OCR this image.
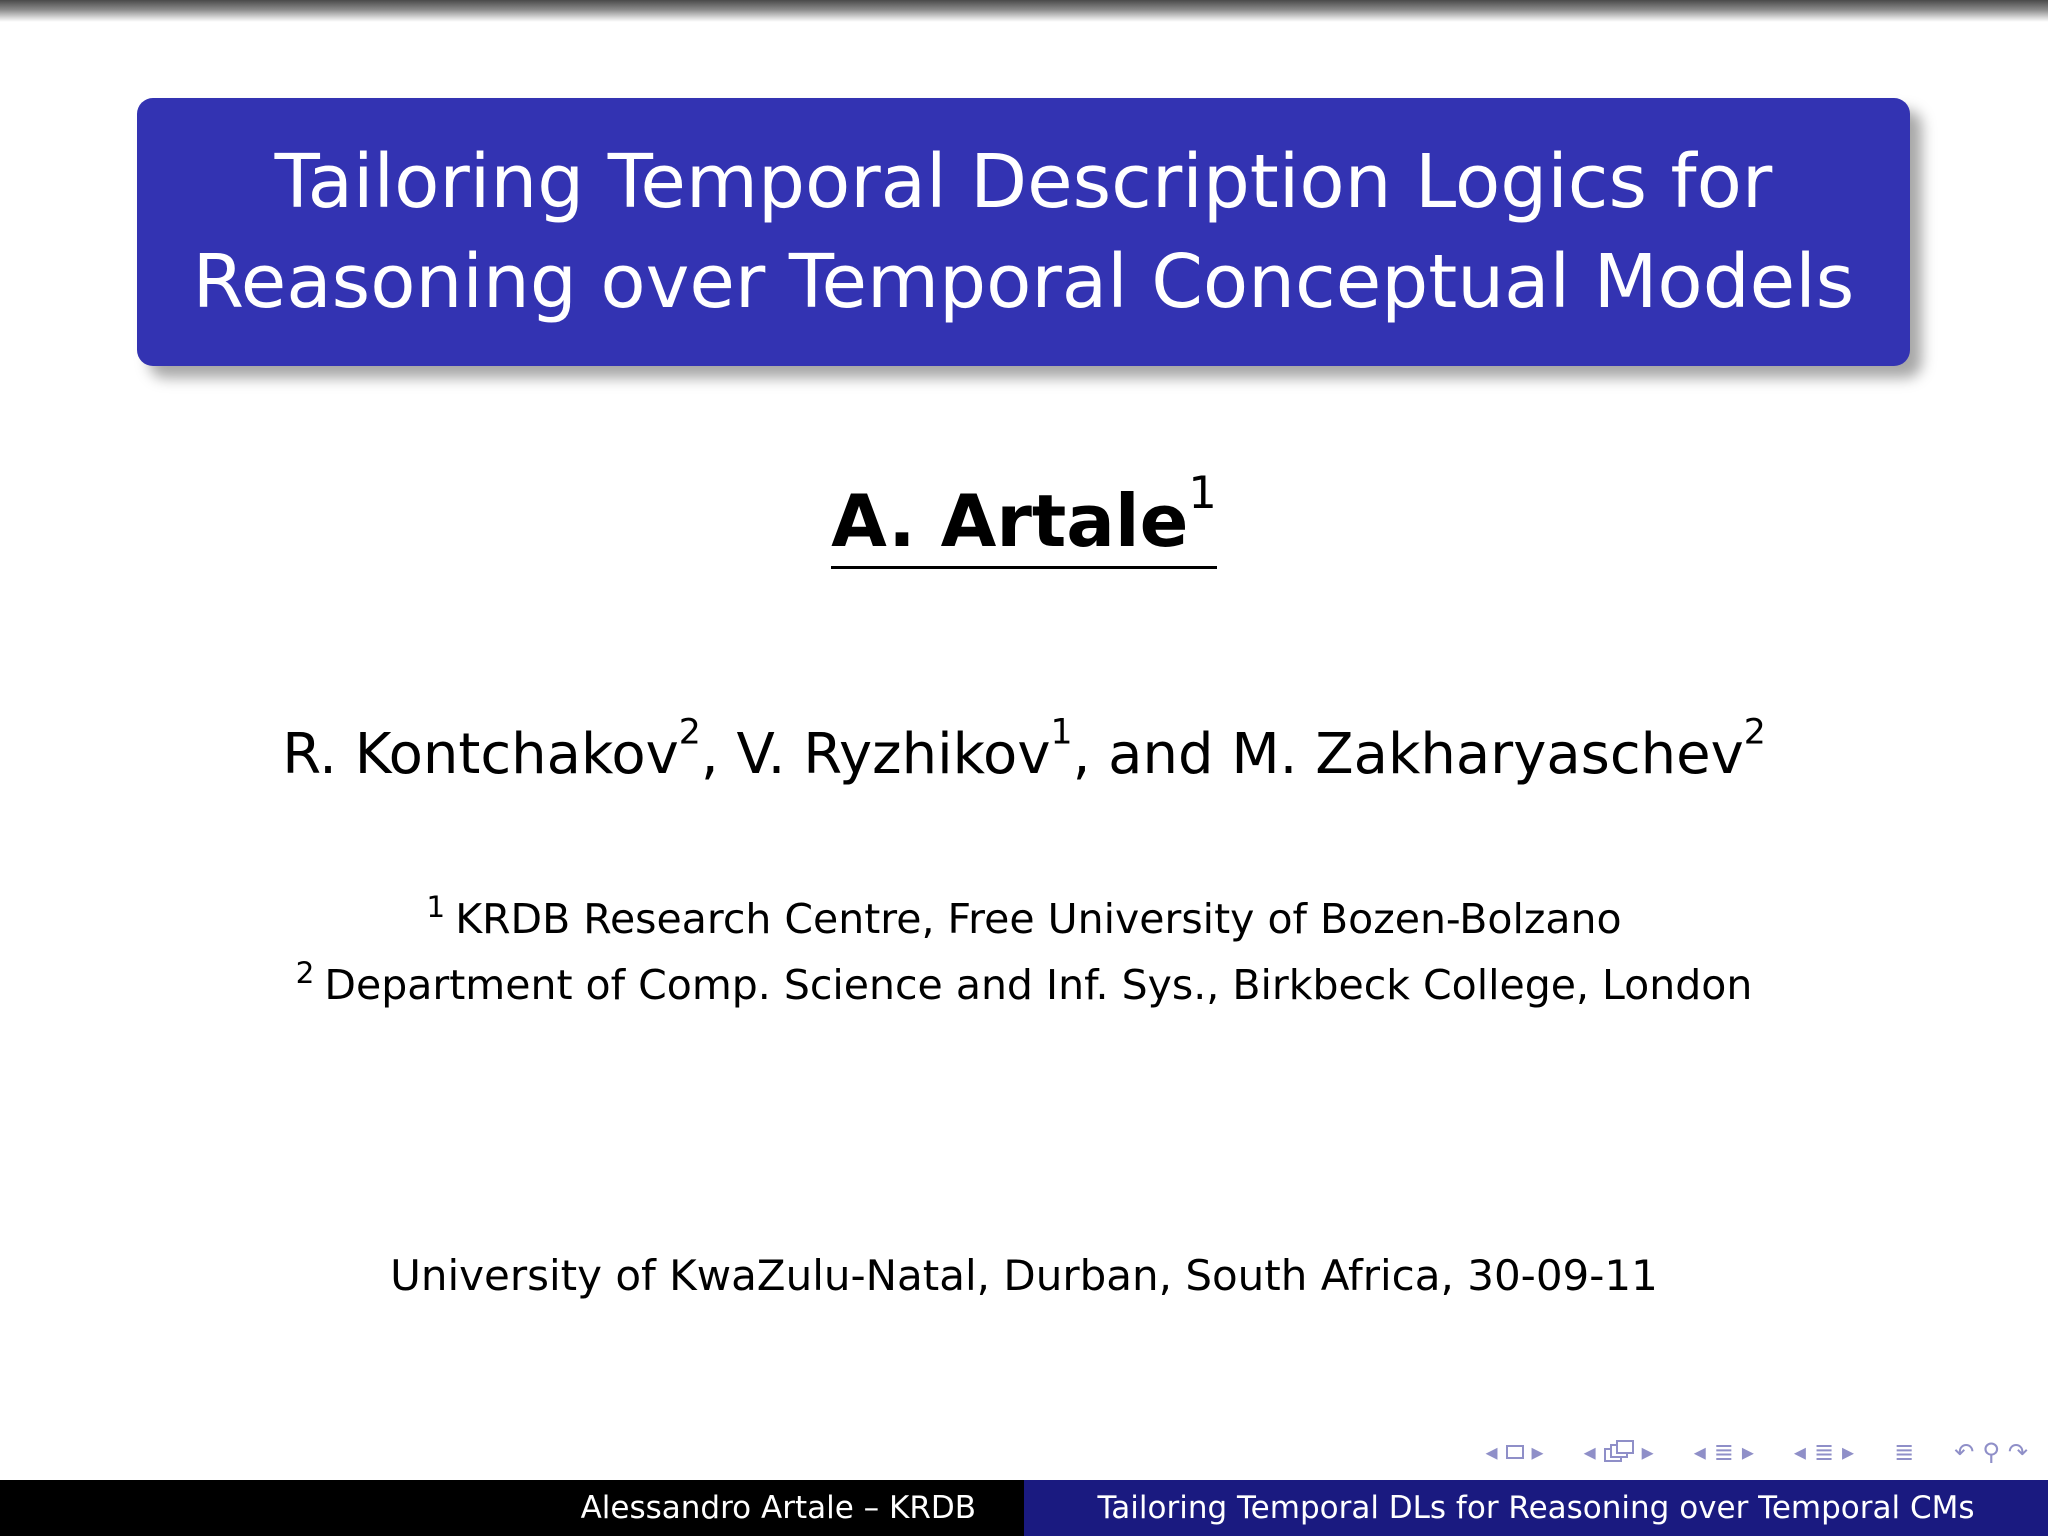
Tailoring Temporal Description Logics for
Reasoning over Temporal Conceptual Models
A. Artale$^1$
R. Kontchakov$^2$, V. Ryzhikov$^1$, and M. Zakharyaschev$^2$
$^1$ KRDB Research Centre, Free University of Bozen-Bolzano
$^2$ Department of Comp. Science and Inf. Sys., Birkbeck College, London
University of KwaZulu-Natal, Durban, South Africa, 30-09-11
◂ ▸ ◂ ▸ ◂ ≣ ▸ ◂ ≣ ▸ ≣ ↶ ⚲ ↷
Alessandro Artale – KRDB	Tailoring Temporal DLs for Reasoning over Temporal CMs
